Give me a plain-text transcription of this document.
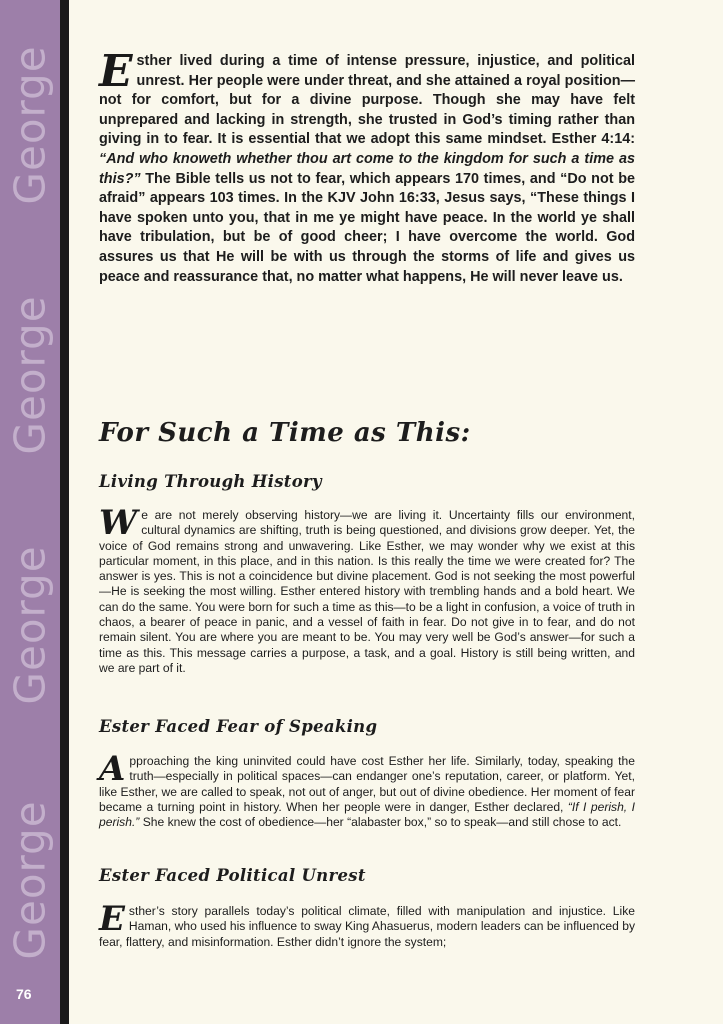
George
George
George
George
76

Esther lived during a time of intense pressure, injustice, and political unrest. Her people were under threat, and she attained a royal position—not for comfort, but for a divine purpose. Though she may have felt unprepared and lacking in strength, she trusted in God’s timing rather than giving in to fear. It is essential that we adopt this same mindset. Esther 4:14: “And who knoweth whether thou art come to the kingdom for such a time as this?” The Bible tells us not to fear, which appears 170 times, and “Do not be afraid” appears 103 times. In the KJV John 16:33, Jesus says, “These things I have spoken unto you, that in me ye might have peace. In the world ye shall have tribulation, but be of good cheer; I have overcome the world. God assures us that He will be with us through the storms of life and gives us peace and reassurance that, no matter what happens, He will never leave us.

For Such a Time as This:
Living Through History

We are not merely observing history—we are living it. Uncertainty fills our environment, cultural dynamics are shifting, truth is being questioned, and divisions grow deeper. Yet, the voice of God remains strong and unwavering. Like Esther, we may wonder why we exist at this particular moment, in this place, and in this nation. Is this really the time we were created for? The answer is yes. This is not a coincidence but divine placement. God is not seeking the most powerful—He is seeking the most willing. Esther entered history with trembling hands and a bold heart. We can do the same. You were born for such a time as this—to be a light in confusion, a voice of truth in chaos, a bearer of peace in panic, and a vessel of faith in fear. Do not give in to fear, and do not remain silent. You are where you are meant to be. You may very well be God’s answer—for such a time as this. This message carries a purpose, a task, and a goal. History is still being written, and we are part of it.

Ester Faced Fear of Speaking

Approaching the king uninvited could have cost Esther her life. Similarly, today, speaking the truth—especially in political spaces—can endanger one’s reputation, career, or platform. Yet, like Esther, we are called to speak, not out of anger, but out of divine obedience. Her moment of fear became a turning point in history. When her people were in danger, Esther declared, “If I perish, I perish.” She knew the cost of obedience—her “alabaster box,” so to speak—and still chose to act.

Ester Faced Political Unrest

Esther’s story parallels today’s political climate, filled with manipulation and injustice. Like Haman, who used his influence to sway King Ahasuerus, modern leaders can be influenced by fear, flattery, and misinformation. Esther didn’t ignore the system;
